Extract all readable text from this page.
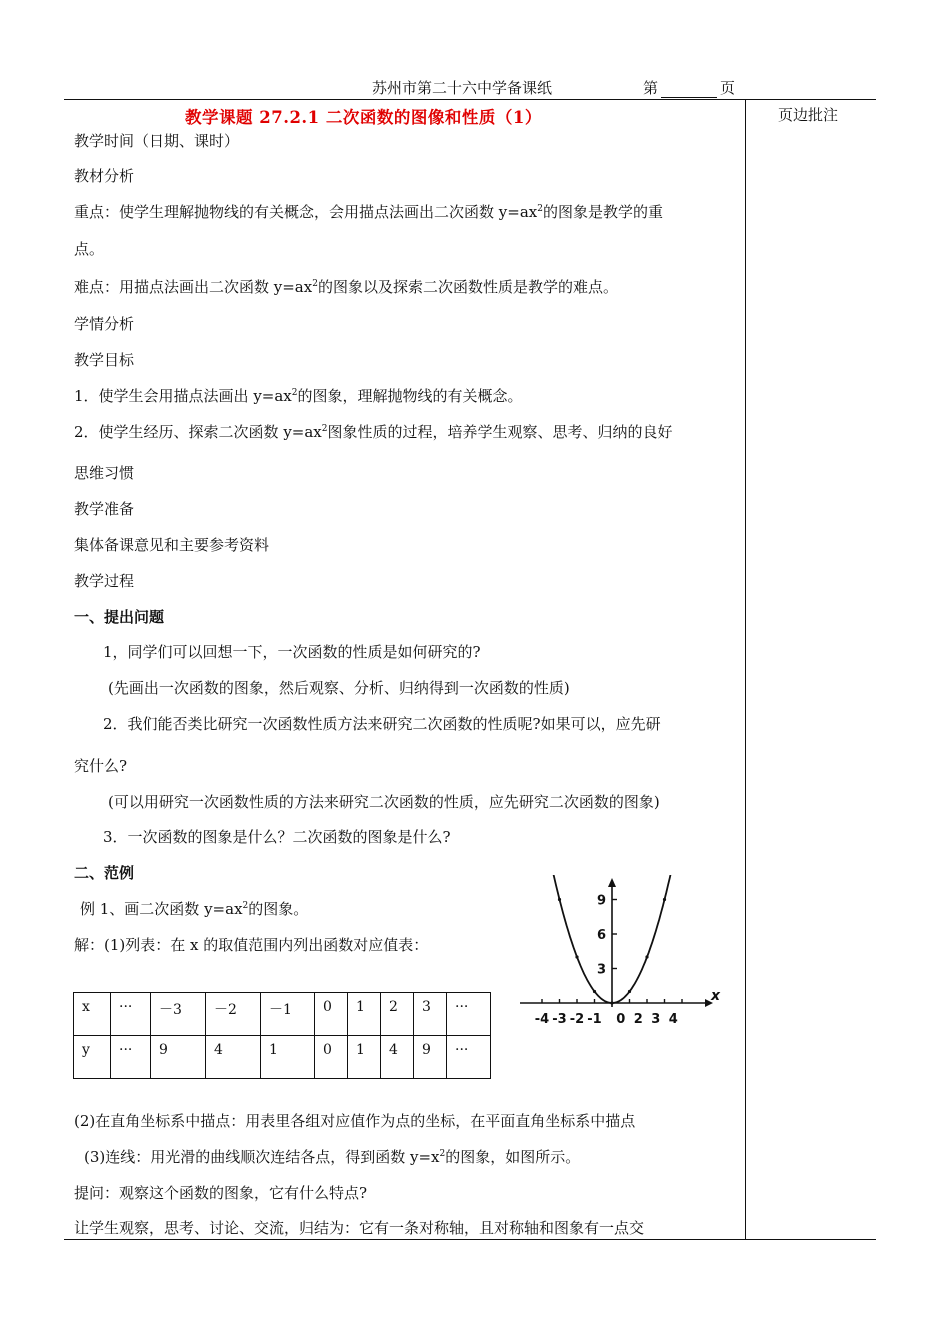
苏州市第二十六中学备课纸	第	页
教学课题 27.2.1 二次函数的图像和性质（1）	页边批注
教学时间（日期、课时）
教材分析
重点：使学生理解抛物线的有关概念，会用描点法画出二次函数 $y=ax^2$的图象是教学的重
点。
难点：用描点法画出二次函数 $y=ax^2$的图象以及探索二次函数性质是教学的难点。
学情分析
教学目标
1．使学生会用描点法画出 $y=ax^2$的图象，理解抛物线的有关概念。
2．使学生经历、探索二次函数 $y=ax^2$图象性质的过程，培养学生观察、思考、归纳的良好
思维习惯
教学准备
集体备课意见和主要参考资料
教学过程
一、提出问题
1，同学们可以回想一下，一次函数的性质是如何研究的?
(先画出一次函数的图象，然后观察、分析、归纳得到一次函数的性质)
2．我们能否类比研究一次函数性质方法来研究二次函数的性质呢?如果可以，应先研
究什么?
(可以用研究一次函数性质的方法来研究二次函数的性质，应先研究二次函数的图象)
3．一次函数的图象是什么？二次函数的图象是什么?
二、范例
例 1、画二次函数 $y=ax^2$的图象。
解：(1)列表：在 x 的取值范围内列出函数对应值表：
x	···	－3	－2	－1	0	1	2	3	···
y	···	9	4	1	0	1	4	9	···
-4 -3 -2 -1 0 2 3 4
3
6
9
x
(2)在直角坐标系中描点：用表里各组对应值作为点的坐标，在平面直角坐标系中描点
(3)连线：用光滑的曲线顺次连结各点，得到函数 $y=x^2$的图象，如图所示。
提问：观察这个函数的图象，它有什么特点?
让学生观察，思考、讨论、交流，归结为：它有一条对称轴，且对称轴和图象有一点交
